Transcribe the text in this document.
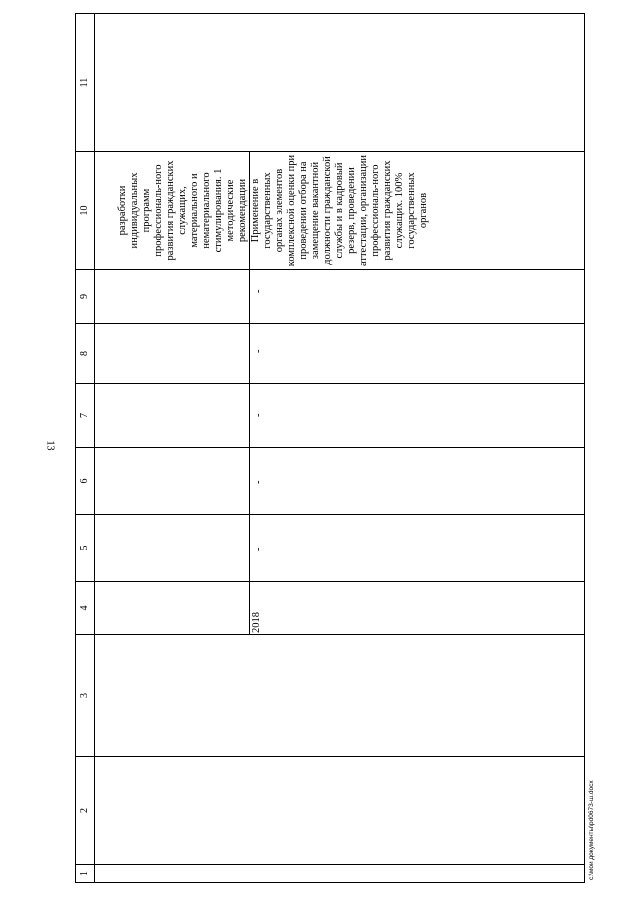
13
c:\мои документы\pd0673-ш.docx
1	2	3	4	5	6	7	8	9	10	11
									разработки индивидуальных программ профессиональ-ного развития гражданских служащих, материального и нематериального стимулирования. 1 методические рекомендации	
			2018	-	-	-	-	-	Применение в государственных органах элементов комплексной оценки при проведении отбора на замещение вакантной должности гражданской службы и в кадровый резерв, проведении аттестации, организации профессиональ-ного развития гражданских служащих. 100% государственных органов	
